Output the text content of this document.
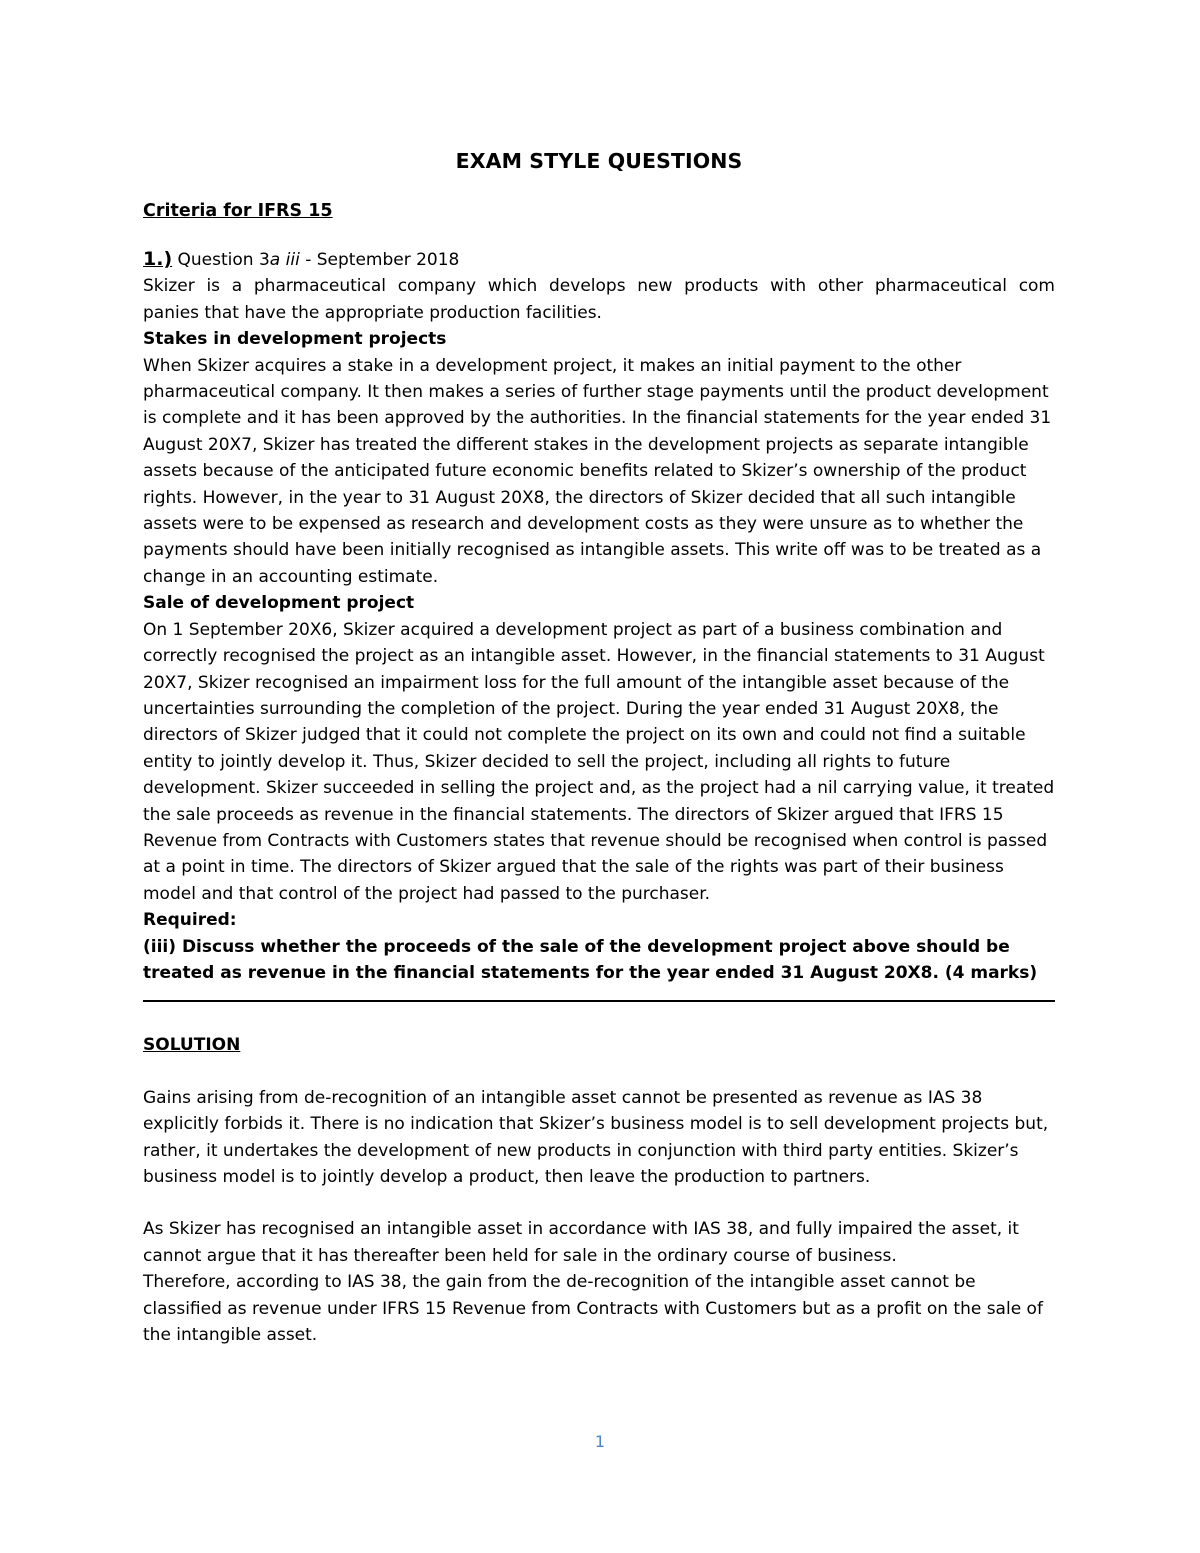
EXAM STYLE QUESTIONS
Criteria for IFRS 15
1.) Question 3a iii - September 2018

Skizer is a pharmaceutical company which develops new products with other pharmaceutical com

panies that have the appropriate production facilities.

Stakes in development projects

When Skizer acquires a stake in a development project, it makes an initial payment to the other pharmaceutical company. It then makes a series of further stage payments until the product development is complete and it has been approved by the authorities. In the financial statements for the year ended 31 August 20X7, Skizer has treated the different stakes in the development projects as separate intangible assets because of the anticipated future economic benefits related to Skizer’s ownership of the product rights. However, in the year to 31 August 20X8, the directors of Skizer decided that all such intangible assets were to be expensed as research and development costs as they were unsure as to whether the payments should have been initially recognised as intangible assets. This write off was to be treated as a change in an accounting estimate.

Sale of development project

On 1 September 20X6, Skizer acquired a development project as part of a business combination and correctly recognised the project as an intangible asset. However, in the financial statements to 31 August 20X7, Skizer recognised an impairment loss for the full amount of the intangible asset because of the uncertainties surrounding the completion of the project. During the year ended 31 August 20X8, the directors of Skizer judged that it could not complete the project on its own and could not find a suitable entity to jointly develop it. Thus, Skizer decided to sell the project, including all rights to future development. Skizer succeeded in selling the project and, as the project had a nil carrying value, it treated the sale proceeds as revenue in the financial statements. The directors of Skizer argued that IFRS 15 Revenue from Contracts with Customers states that revenue should be recognised when control is passed at a point in time. The directors of Skizer argued that the sale of the rights was part of their business model and that control of the project had passed to the purchaser.

Required:

(iii) Discuss whether the proceeds of the sale of the development project above should be treated as revenue in the financial statements for the year ended 31 August 20X8. (4 marks)

SOLUTION

Gains arising from de-recognition of an intangible asset cannot be presented as revenue as IAS 38 explicitly forbids it. There is no indication that Skizer’s business model is to sell development projects but, rather, it undertakes the development of new products in conjunction with third party entities. Skizer’s business model is to jointly develop a product, then leave the production to partners.

As Skizer has recognised an intangible asset in accordance with IAS 38, and fully impaired the asset, it cannot argue that it has thereafter been held for sale in the ordinary course of business.

Therefore, according to IAS 38, the gain from the de-recognition of the intangible asset cannot be classified as revenue under IFRS 15 Revenue from Contracts with Customers but as a profit on the sale of the intangible asset.

1
